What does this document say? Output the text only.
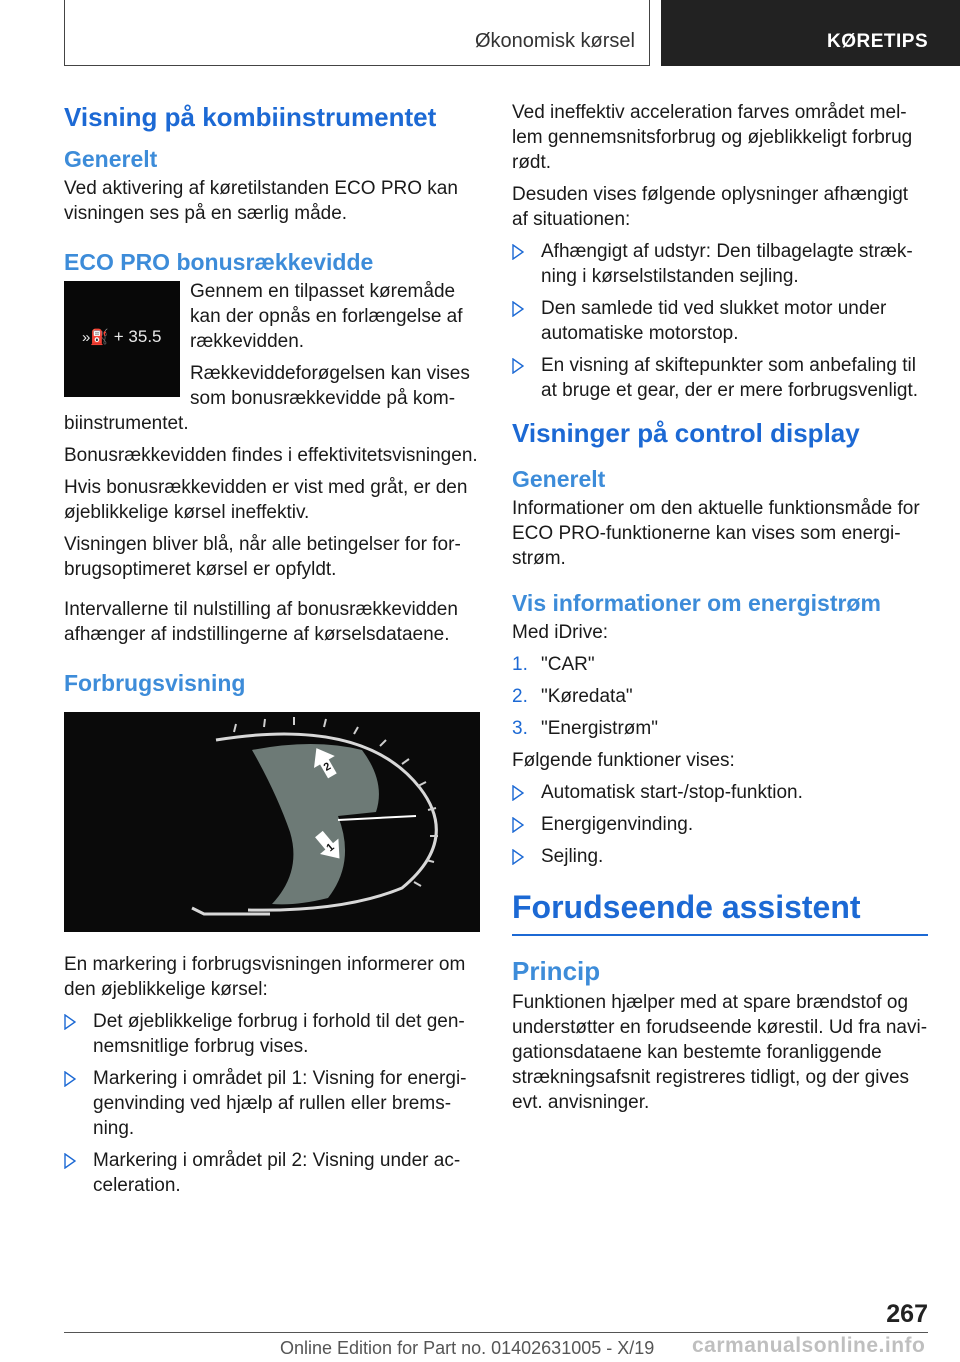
Økonomisk kørsel	KØRETIPS
Visning på kombiinstrumentet
Generelt

Ved aktivering af køretilstanden ECO PRO kan visningen ses på en særlig måde.

ECO PRO bonusrækkevidde
»⛽ + 35.5

Gennem en tilpasset køremåde kan der opnås en forlængelse af rækkevidden.

Rækkeviddeforøgelsen kan vises som bonusrækkevidde på kombiinstrumentet.

Bonusrækkevidden findes i effektivitetsvisningen.

Hvis bonusrækkevidden er vist med gråt, er den øjeblikkelige kørsel ineffektiv.

Visningen bliver blå, når alle betingelser for forbrugsoptimeret kørsel er opfyldt.

Intervallerne til nulstilling af bonusrækkevidden afhænger af indstillingerne af kørselsdataene.

Forbrugsvisning
2
1

En markering i forbrugsvisningen informerer om den øjeblikkelige kørsel:

Det øjeblikkelige forbrug i forhold til det gennemsnitlige forbrug vises.
Markering i området pil 1: Visning for energigenvinding ved hjælp af rullen eller bremsning.
Markering i området pil 2: Visning under acceleration.

Ved ineffektiv acceleration farves området mellem gennemsnitsforbrug og øjeblikkeligt forbrug rødt.

Desuden vises følgende oplysninger afhængigt af situationen:

Afhængigt af udstyr: Den tilbagelagte strækning i kørselstilstanden sejling.
Den samlede tid ved slukket motor under automatiske motorstop.
En visning af skiftepunkter som anbefaling til at bruge et gear, der er mere forbrugsvenligt.
Visninger på control display
Generelt

Informationer om den aktuelle funktionsmåde for ECO PRO-funktionerne kan vises som energistrøm.

Vis informationer om energistrøm

Med iDrive:

1. "CAR"
2. "Køredata"
3. "Energistrøm"

Følgende funktioner vises:

Automatisk start-/stop-funktion.
Energigenvinding.
Sejling.
Forudseende assistent
Princip

Funktionen hjælper med at spare brændstof og understøtter en forudseende kørestil. Ud fra navigationsdataene kan bestemte foranliggende strækningsafsnit registreres tidligt, og der gives evt. anvisninger.

267
Online Edition for Part no. 01402631005 - X/19 carmanualsonline.info
